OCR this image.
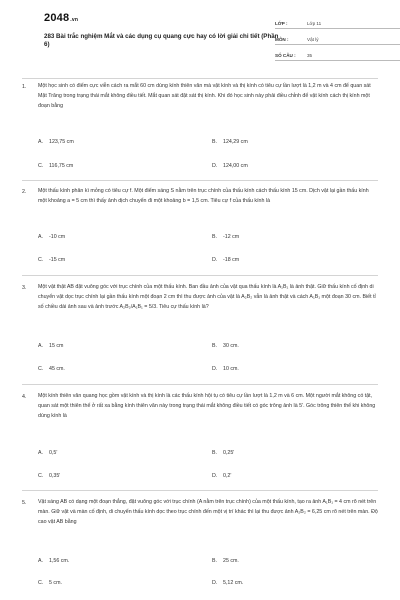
2048.vn
283 Bài trắc nghiệm Mắt và các dụng cụ quang cực hay có lời giải chi tiết (Phần 6)
LỚP :	Lớp 11
MÔN :	Vật lý
SỐ CÂU :	35
1. Một học sinh có điểm cực viễn cách ra mắt 60 cm dùng kính thiên văn mà vật kính và thị kính có tiêu cự lần lượt là 1,2 m và 4 cm để quan sát Mặt Trăng trong trạng thái mắt không điều tiết. Mắt quan sát đặt sát thị kính. Khi đó học sinh này phải điều chỉnh để vật kính cách thị kính một đoạn bằng
A. 123,75 cm	B. 124,29 cm
C. 116,75 cm	D. 124,00 cm
2. Một thấu kính phân kì mỏng có tiêu cự f. Một điểm sáng S nằm trên trục chính của thấu kính cách thấu kính 15 cm. Dịch vật lại gần thấu kính một khoảng a = 5 cm thì thấy ảnh dịch chuyển đi một khoảng b = 1,5 cm. Tiêu cự f của thấu kính là
A. -10 cm	B. -12 cm
C. -15 cm	D. -18 cm
3. Một vật thật AB đặt vuông góc với trục chính của một thấu kính. Ban đầu ảnh của vật qua thấu kính là A₁B₁ là ảnh thật. Giữ thấu kính cố định di chuyển vật dọc trục chính lại gần thấu kính một đoạn 2 cm thì thu được ảnh của vật là A₂B₂ vẫn là ảnh thật và cách A₁B₁ một đoạn 30 cm. Biết tỉ số chiều dài ảnh sau và ảnh trước A₂B₂/A₁B₁ = 5/3. Tiêu cự thấu kính là?
A. 15 cm	B. 30 cm.
C. 45 cm.	D. 10 cm.
4. Một kính thiên văn quang học gồm vật kính và thị kính là các thấu kính hội tụ có tiêu cự lần lượt là 1,2 m và 6 cm. Một người mắt không có tật, quan sát một thiên thể ở rất xa bằng kính thiên văn này trong trạng thái mắt không điều tiết có góc trông ảnh là 5'. Góc trông thiên thể khi không dùng kính là
A. 0,5'	B. 0,25'
C. 0,35'	D. 0,2'
5. Vật sáng AB có dạng một đoạn thẳng, đặt vuông góc với trục chính (A nằm trên trục chính) của một thấu kính, tạo ra ảnh A₁B₁ = 4 cm rõ nét trên màn. Giữ vật và màn cố định, di chuyển thấu kính dọc theo trục chính đến một vị trí khác thì lại thu được ảnh A₂B₂ = 6,25 cm rõ nét trên màn. Độ cao vật AB bằng
A. 1,56 cm.	B. 25 cm.
C. 5 cm.	D. 5,12 cm.
